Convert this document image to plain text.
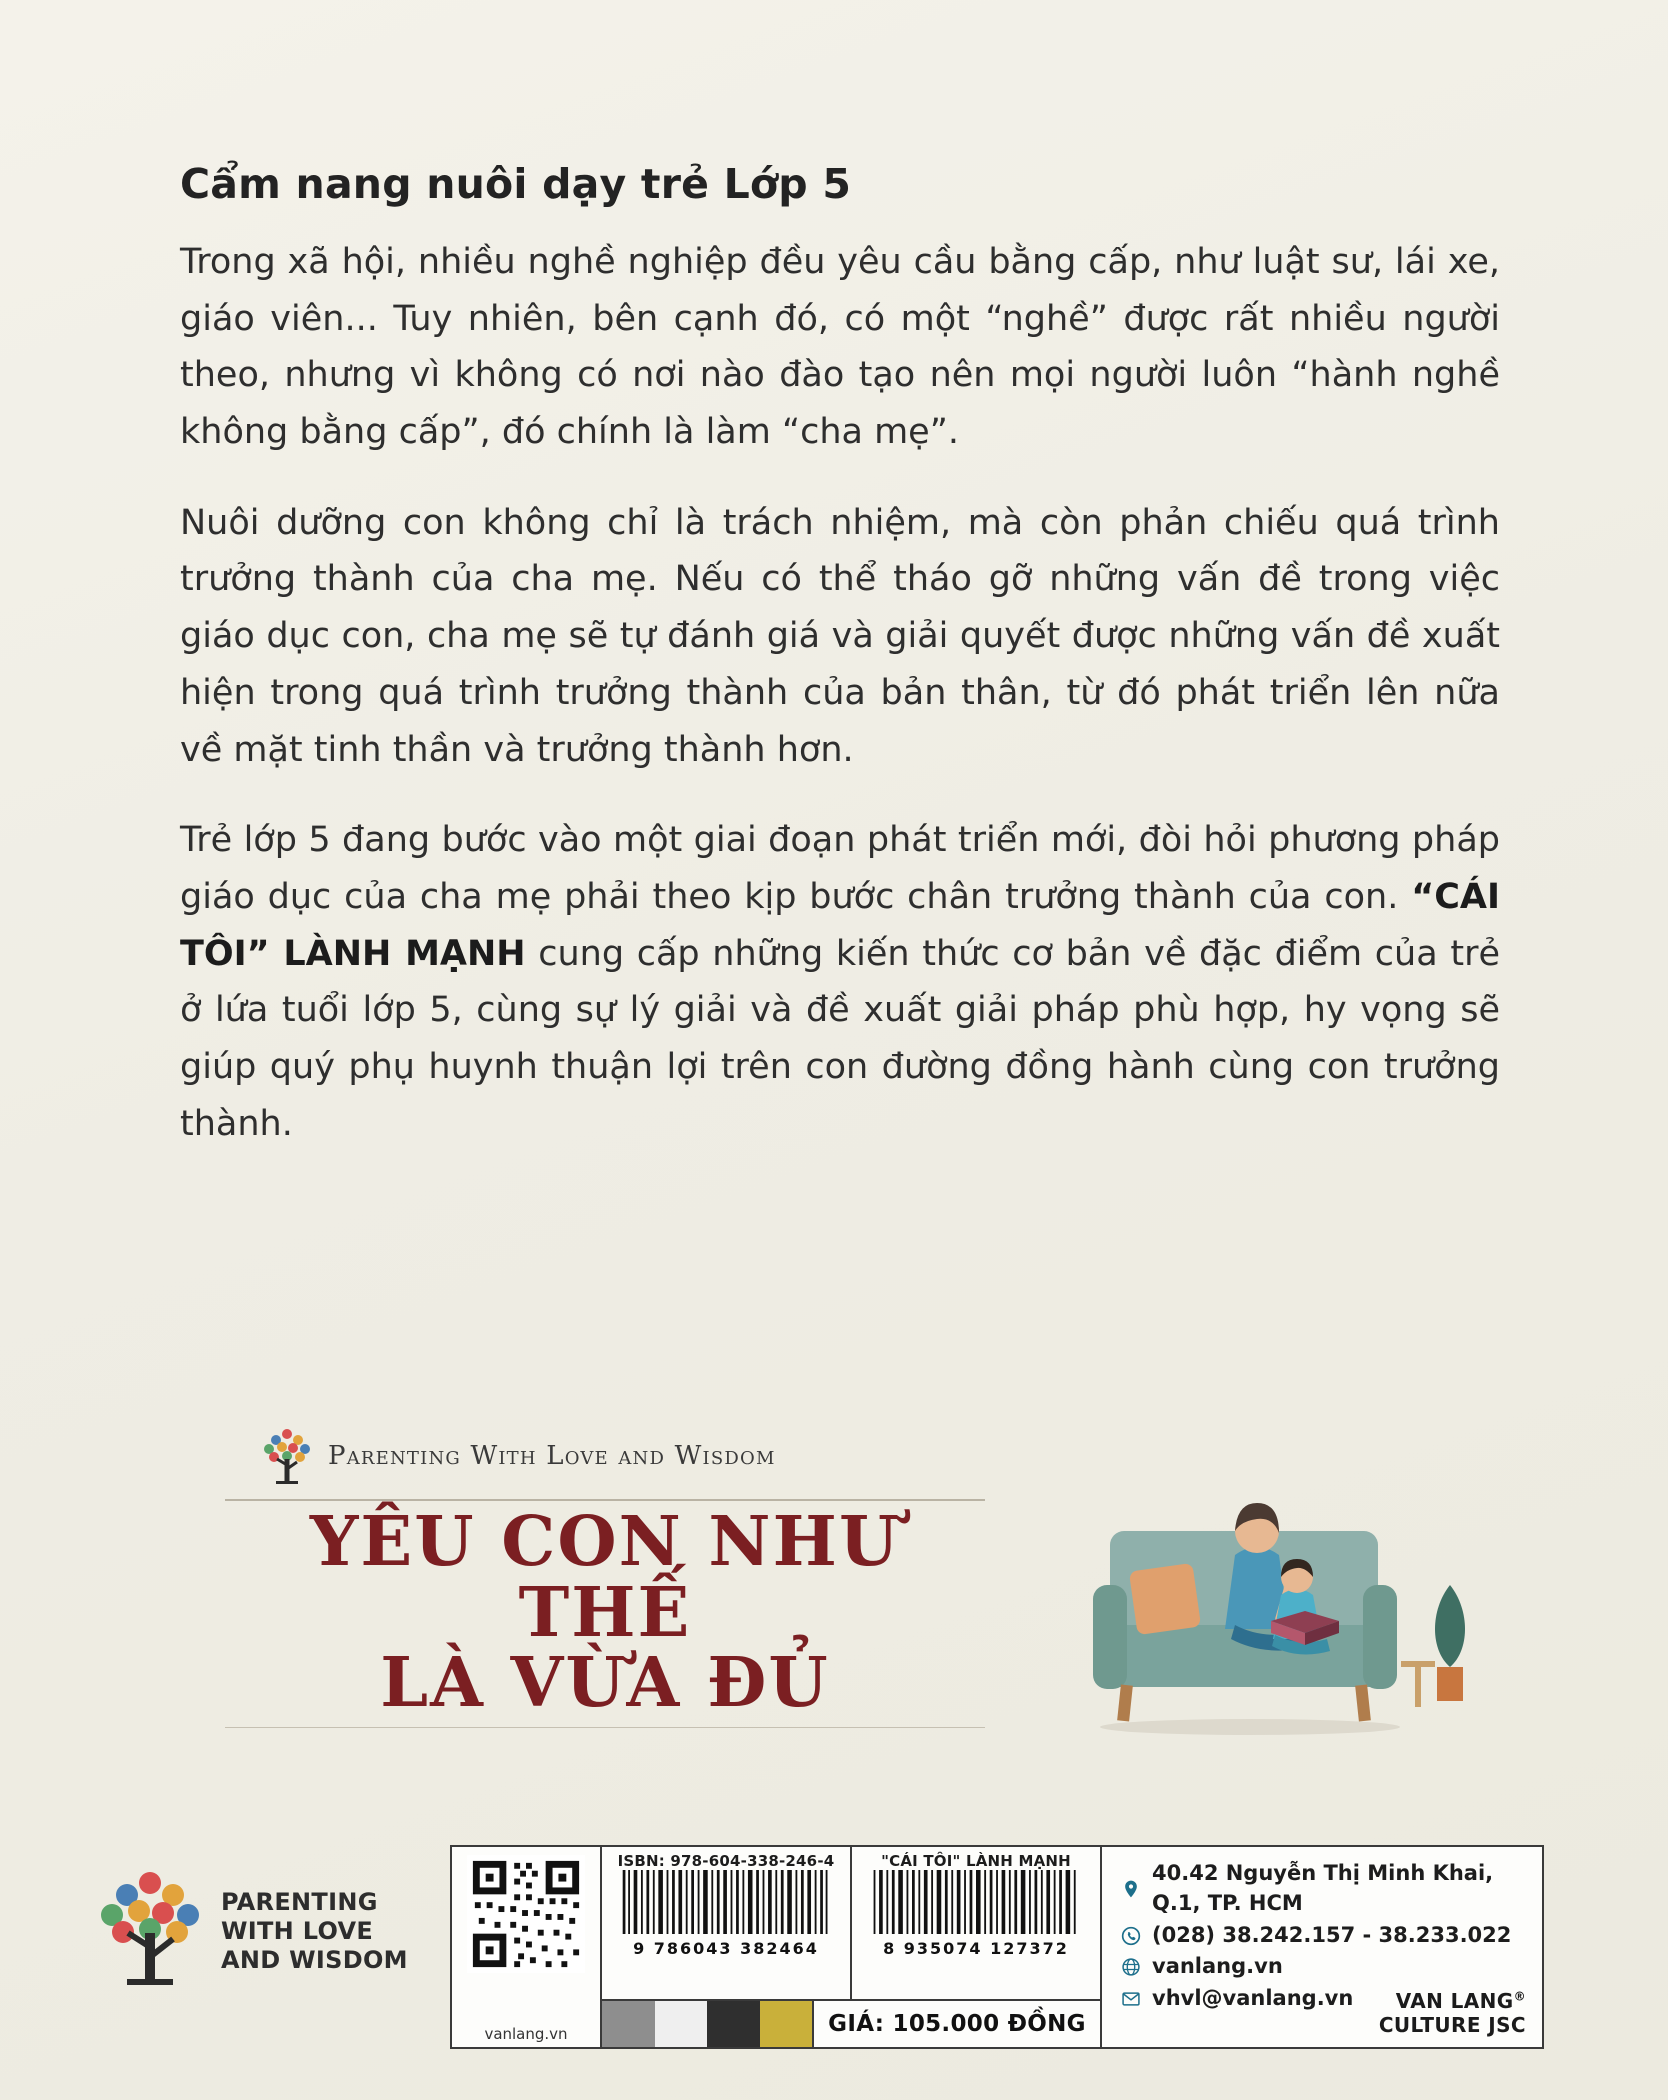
Cẩm nang nuôi dạy trẻ Lớp 5

Trong xã hội, nhiều nghề nghiệp đều yêu cầu bằng cấp, như luật sư, lái xe, giáo viên... Tuy nhiên, bên cạnh đó, có một “nghề” được rất nhiều người theo, nhưng vì không có nơi nào đào tạo nên mọi người luôn “hành nghề không bằng cấp”, đó chính là làm “cha mẹ”.

Nuôi dưỡng con không chỉ là trách nhiệm, mà còn phản chiếu quá trình trưởng thành của cha mẹ. Nếu có thể tháo gỡ những vấn đề trong việc giáo dục con, cha mẹ sẽ tự đánh giá và giải quyết được những vấn đề xuất hiện trong quá trình trưởng thành của bản thân, từ đó phát triển lên nữa về mặt tinh thần và trưởng thành hơn.

Trẻ lớp 5 đang bước vào một giai đoạn phát triển mới, đòi hỏi phương pháp giáo dục của cha mẹ phải theo kịp bước chân trưởng thành của con. “CÁI TÔI” LÀNH MẠNH cung cấp những kiến thức cơ bản về đặc điểm của trẻ ở lứa tuổi lớp 5, cùng sự lý giải và đề xuất giải pháp phù hợp, hy vọng sẽ giúp quý phụ huynh thuận lợi trên con đường đồng hành cùng con trưởng thành.

Parenting With Love and Wisdom
YÊU CON NHƯ THẾ
LÀ VỪA ĐỦ
PARENTING
WITH LOVE
AND WISDOM
vanlang.vn
ISBN: 978-604-338-246-4
9 786043 382464
"CÁI TÔI" LÀNH MẠNH
8 935074 127372
GIÁ: 105.000 ĐỒNG
40.42 Nguyễn Thị Minh Khai, Q.1, TP. HCM
(028) 38.242.157 - 38.233.022
vanlang.vn
vhvl@vanlang.vn	VAN LANG®
CULTURE JSC
